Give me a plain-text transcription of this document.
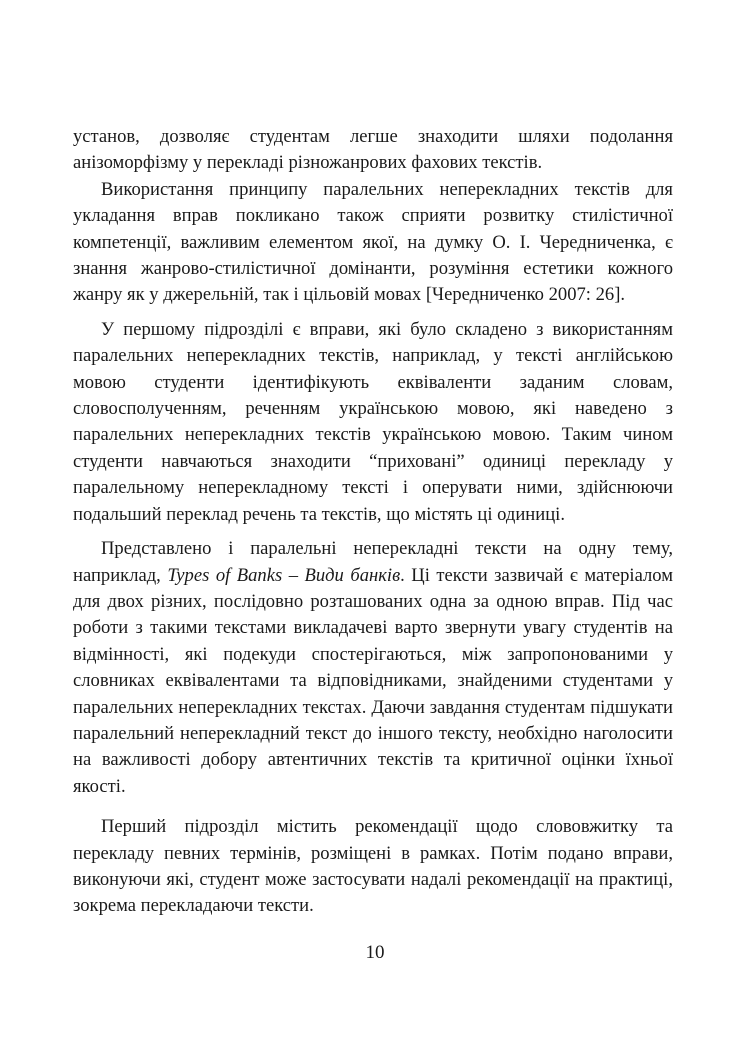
установ, дозволяє студентам легше знаходити шляхи подолання анізоморфізму у перекладі різножанрових фахових текстів.

Використання принципу паралельних неперекладних текстів для укладання вправ покликано також сприяти розвитку стилістичної компетенції, важливим елементом якої, на думку О. І. Чередниченка, є знання жанрово-стилістичної домінанти, розуміння естетики кожного жанру як у джерельній, так і цільовій мовах [Чередниченко 2007: 26].

У першому підрозділі є вправи, які було складено з використанням паралельних неперекладних текстів, наприклад, у тексті англійською мовою студенти ідентифікують еквіваленти заданим словам, словосполученням, реченням українською мовою, які наведено з паралельних неперекладних текстів українською мовою. Таким чином студенти навчаються знаходити “приховані” одиниці перекладу у паралельному неперекладному тексті і оперувати ними, здійснюючи подальший переклад речень та текстів, що містять ці одиниці.

Представлено і паралельні неперекладні тексти на одну тему, наприклад, Types of Banks – Види банків. Ці тексти зазвичай є матеріалом для двох різних, послідовно розташованих одна за одною вправ. Під час роботи з такими текстами викладачеві варто звернути увагу студентів на відмінності, які подекуди спостерігаються, між запропонованими у словниках еквівалентами та відповідниками, знайденими студентами у паралельних неперекладних текстах. Даючи завдання студентам підшукати паралельний неперекладний текст до іншого тексту, необхідно наголосити на важливості добору автентичних текстів та критичної оцінки їхньої якості.

Перший підрозділ містить рекомендації щодо слововжитку та перекладу певних термінів, розміщені в рамках. Потім подано вправи, виконуючи які, студент може застосувати надалі рекомендації на практиці, зокрема перекладаючи тексти.

10
